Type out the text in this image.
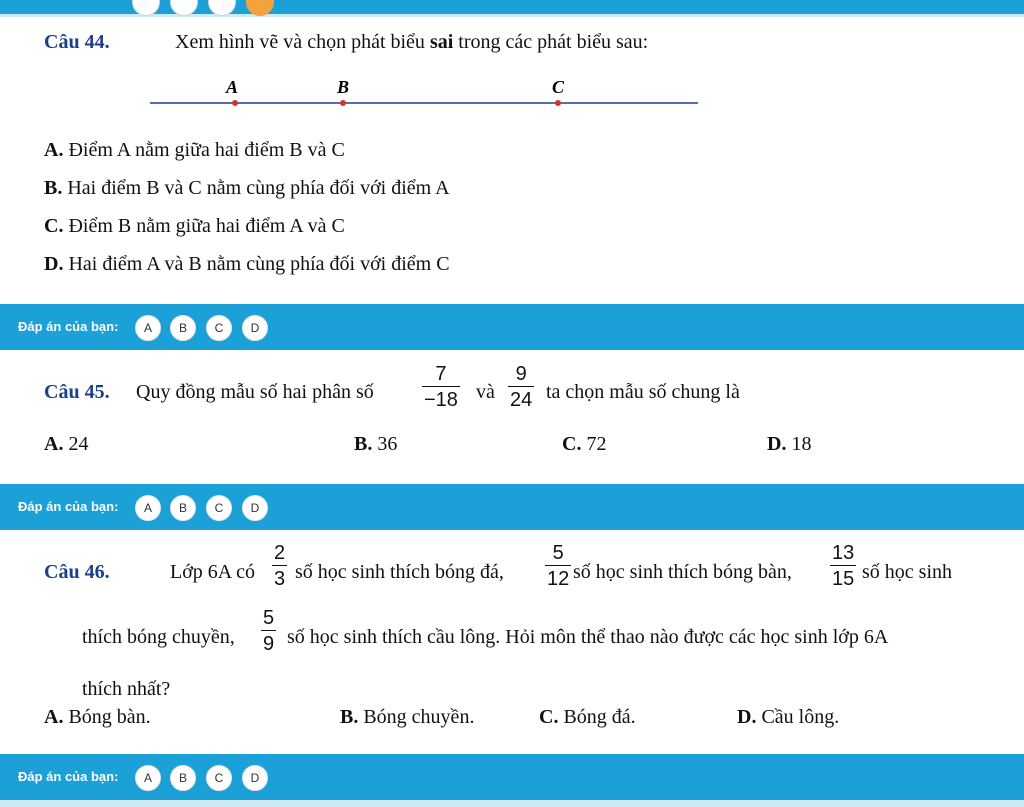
Câu 44.	Xem hình vẽ và chọn phát biểu sai trong các phát biểu sau:
A	B	C
A. Điểm A nằm giữa hai điểm B và C
B. Hai điểm B và C nằm cùng phía đối với điểm A
C. Điểm B nằm giữa hai điểm A và C
D. Hai điểm A và B nằm cùng phía đối với điểm C
Đáp án của bạn:	A	B	C	D
Câu 45. Quy đồng mẫu số hai phân số $\frac{7}{-18}$ và $\frac{9}{24}$ ta chọn mẫu số chung là
A. 24	B. 36	C. 72	D. 18
Đáp án của bạn:	A	B	C	D
Câu 46.	Lớp 6A có $\frac{2}{3}$ số học sinh thích bóng đá, $\frac{5}{12}$ số học sinh thích bóng bàn, $\frac{13}{15}$ số học sinh
thích bóng chuyền, $\frac{5}{9}$ số học sinh thích cầu lông. Hỏi môn thể thao nào được các học sinh lớp 6A
thích nhất?
A. Bóng bàn.	B. Bóng chuyền.	C. Bóng đá.	D. Cầu lông.
Đáp án của bạn:	A	B	C	D
